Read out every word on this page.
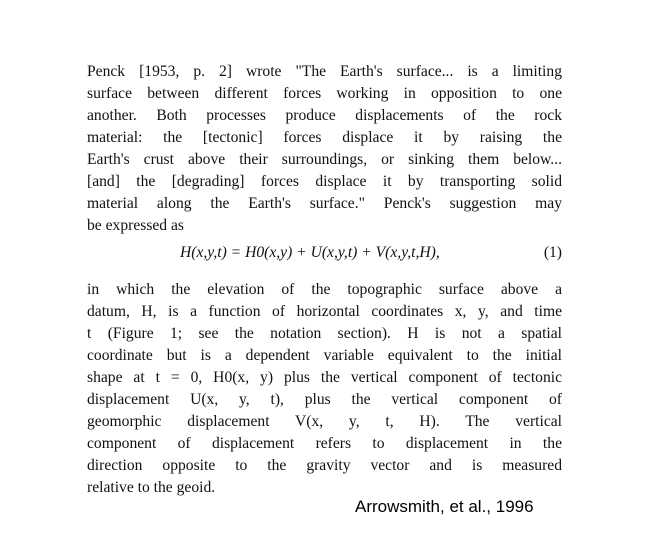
Penck [1953, p. 2] wrote "The Earth's surface... is a limiting
surface between different forces working in opposition to one
another. Both processes produce displacements of the rock
material: the [tectonic] forces displace it by raising the
Earth's crust above their surroundings, or sinking them below...
[and] the [degrading] forces displace it by transporting solid
material along the Earth's surface." Penck's suggestion may
be expressed as
H(x,y,t) = H0(x,y) + U(x,y,t) + V(x,y,t,H),	(1)
in which the elevation of the topographic surface above a
datum, H, is a function of horizontal coordinates x, y, and time
t (Figure 1; see the notation section). H is not a spatial
coordinate but is a dependent variable equivalent to the initial
shape at t = 0, H0(x, y) plus the vertical component of tectonic
displacement U(x, y, t), plus the vertical component of
geomorphic displacement V(x, y, t, H). The vertical
component of displacement refers to displacement in the
direction opposite to the gravity vector and is measured
relative to the geoid.
Arrowsmith, et al., 1996
